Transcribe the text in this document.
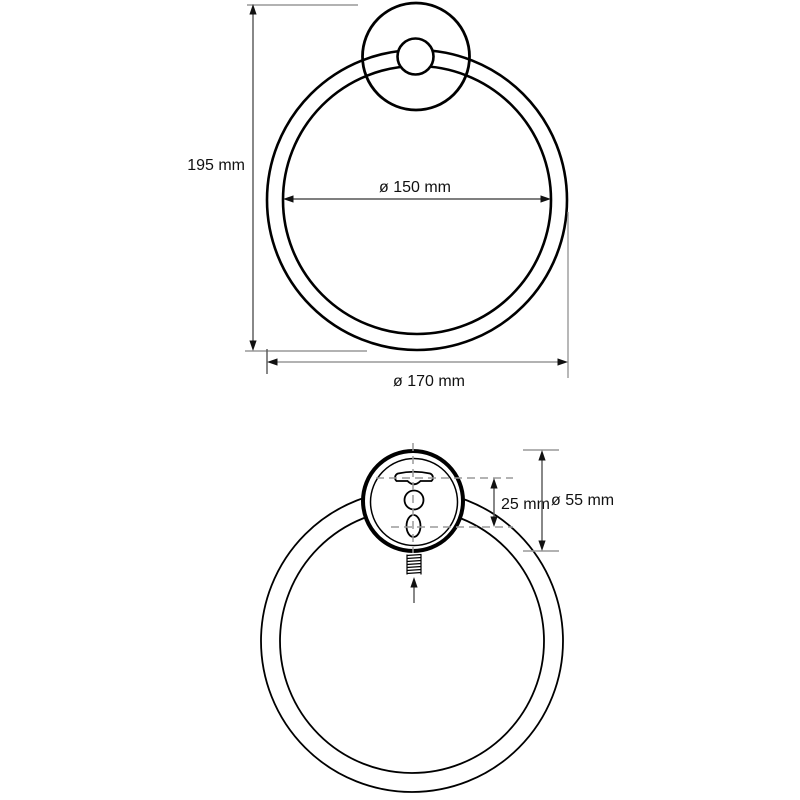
195 mm
ø 150 mm
ø 170 mm
25 mm ø 55 mm
